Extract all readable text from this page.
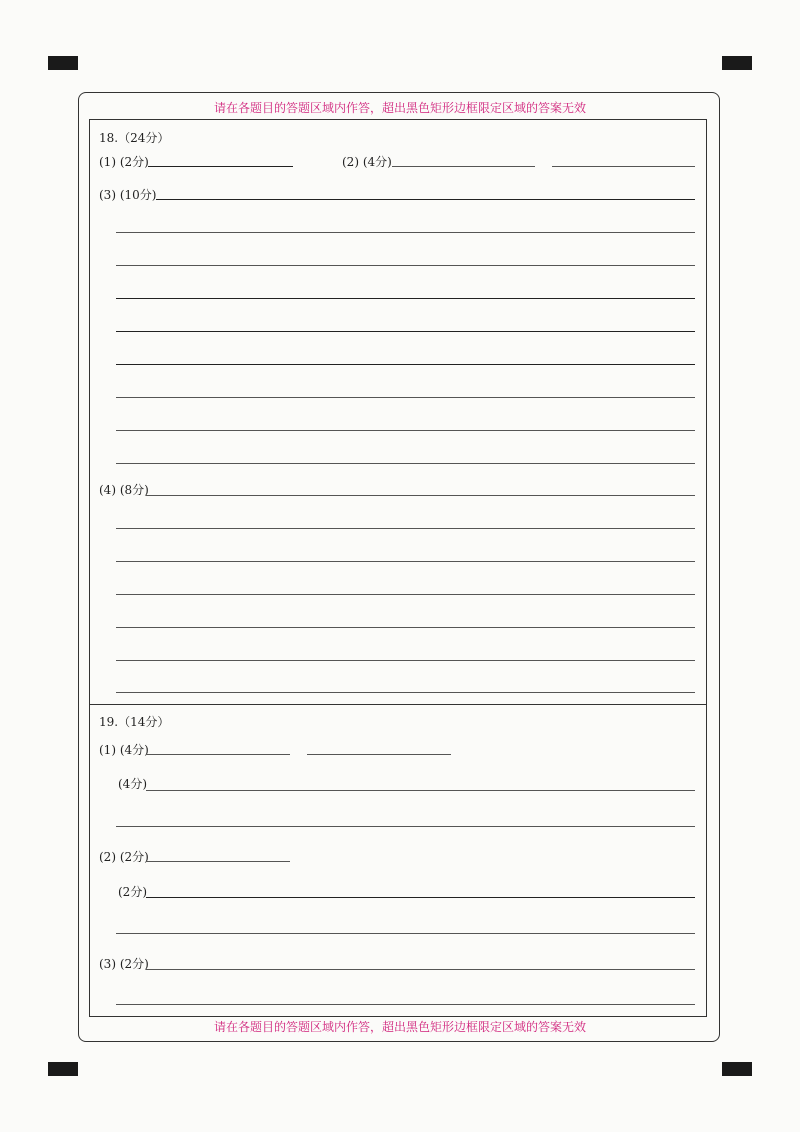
请在各题目的答题区域内作答，超出黑色矩形边框限定区域的答案无效
请在各题目的答题区域内作答，超出黑色矩形边框限定区域的答案无效
18.（24分）
(1) (2分)	(2) (4分)
(3) (10分)
(4) (8分)
19.（14分）
(1) (4分)
(4分)
(2) (2分)
(2分)
(3) (2分)
